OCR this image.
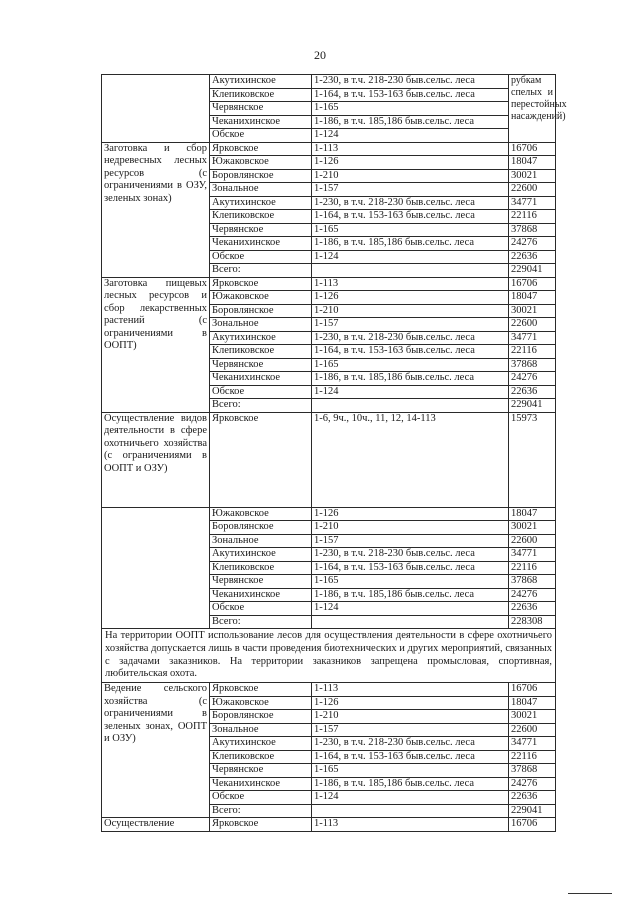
20
	Акутихинское	1-230, в т.ч. 218-230 быв.сельс. леса	рубкам спелых и перестойных насаждений)
	Клепиковское	1-164, в т.ч. 153-163 быв.сельс. леса	
	Червянское	1-165	
	Чеканихинское	1-186, в т.ч. 185,186 быв.сельс. леса	
	Обское	1-124	
Заготовка и сбор недревесных лесных ресурсов (с ограничениями в ОЗУ, зеленых зонах)	Ярковское	1-113	16706
	Южаковское	1-126	18047
	Боровлянское	1-210	30021
	Зональное	1-157	22600
	Акутихинское	1-230, в т.ч. 218-230 быв.сельс. леса	34771
	Клепиковское	1-164, в т.ч. 153-163 быв.сельс. леса	22116
	Червянское	1-165	37868
	Чеканихинское	1-186, в т.ч. 185,186 быв.сельс. леса	24276
	Обское	1-124	22636
	Всего:		229041
Заготовка пищевых лесных ресурсов и сбор лекарственных растений (с ограничениями в ООПТ)	Ярковское	1-113	16706
	Южаковское	1-126	18047
	Боровлянское	1-210	30021
	Зональное	1-157	22600
	Акутихинское	1-230, в т.ч. 218-230 быв.сельс. леса	34771
	Клепиковское	1-164, в т.ч. 153-163 быв.сельс. леса	22116
	Червянское	1-165	37868
	Чеканихинское	1-186, в т.ч. 185,186 быв.сельс. леса	24276
	Обское	1-124	22636
	Всего:		229041
Осуществление видов деятельности в сфере охотничьего хозяйства (с ограничениями в ООПТ и ОЗУ)	Ярковское	1-6, 9ч., 10ч., 11, 12, 14-113	15973
	Южаковское	1-126	18047
	Боровлянское	1-210	30021
	Зональное	1-157	22600
	Акутихинское	1-230, в т.ч. 218-230 быв.сельс. леса	34771
	Клепиковское	1-164, в т.ч. 153-163 быв.сельс. леса	22116
	Червянское	1-165	37868
	Чеканихинское	1-186, в т.ч. 185,186 быв.сельс. леса	24276
	Обское	1-124	22636
	Всего:		228308
На территории ООПТ использование лесов для осуществления деятельности в сфере охотничьего хозяйства допускается лишь в части проведения биотехнических и других мероприятий, связанных с задачами заказников. На территории заказников запрещена промысловая, спортивная, любительская охота.			
Ведение сельского хозяйства (с ограничениями в зеленых зонах, ООПТ и ОЗУ)	Ярковское	1-113	16706
	Южаковское	1-126	18047
	Боровлянское	1-210	30021
	Зональное	1-157	22600
	Акутихинское	1-230, в т.ч. 218-230 быв.сельс. леса	34771
	Клепиковское	1-164, в т.ч. 153-163 быв.сельс. леса	22116
	Червянское	1-165	37868
	Чеканихинское	1-186, в т.ч. 185,186 быв.сельс. леса	24276
	Обское	1-124	22636
	Всего:		229041
Осуществление	Ярковское	1-113	16706
